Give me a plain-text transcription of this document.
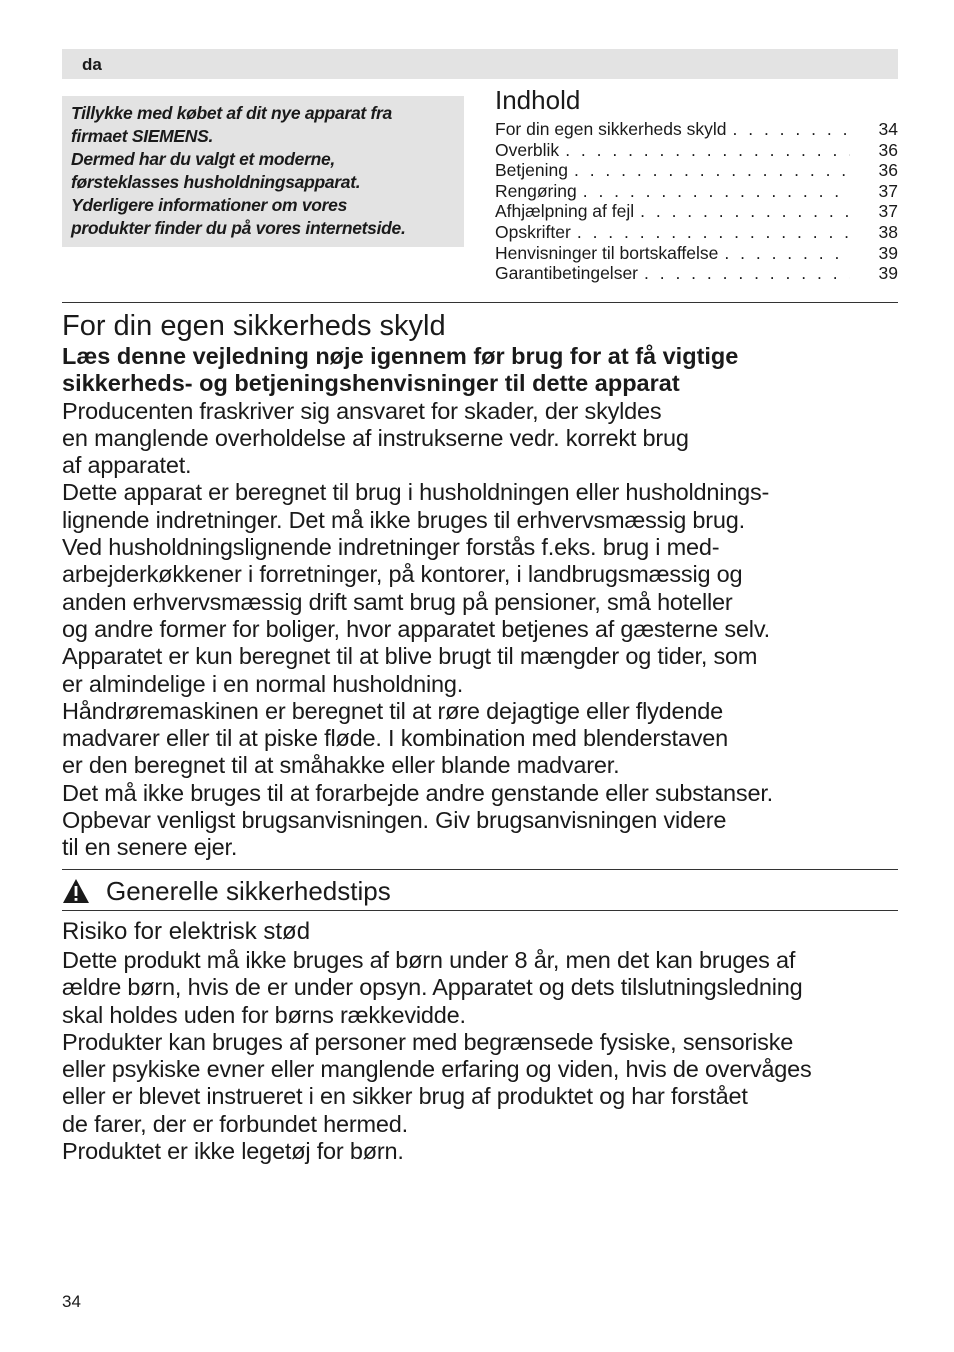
da

Tillykke med købet af dit nye apparat fra

firmaet SIEMENS.

Dermed har du valgt et moderne,

førsteklasses husholdningsapparat.

Yderligere informationer om vores

produkter finder du på vores internetside.

Indhold
For din egen sikkerheds skyld . . .	34
Overblik . . .	36
Betjening . . .	36
Rengøring . . .	37
Afhjælpning af fejl . . .	37
Opskrifter . . .	38
Henvisninger til bortskaffelse . . .	39
Garantibetingelser . . .	39
For din egen sikkerheds skyld

Læs denne vejledning nøje igennem før brug for at få vigtige

sikkerheds- og betjeningshenvisninger til dette apparat

Producenten fraskriver sig ansvaret for skader, der skyldes

en manglende overholdelse af instrukserne vedr. korrekt brug

af apparatet.

Dette apparat er beregnet til brug i husholdningen eller husholdnings-

lignende indretninger. Det må ikke bruges til erhvervsmæssig brug.

Ved husholdningslignende indretninger forstås f.eks. brug i med-

arbejderkøkkener i forretninger, på kontorer, i landbrugsmæssig og

anden erhvervsmæssig drift samt brug på pensioner, små hoteller

og andre former for boliger, hvor apparatet betjenes af gæsterne selv.

Apparatet er kun beregnet til at blive brugt til mængder og tider, som

er almindelige i en normal husholdning.

Håndrøremaskinen er beregnet til at røre dejagtige eller flydende

madvarer eller til at piske fløde. I kombination med blenderstaven

er den beregnet til at småhakke eller blande madvarer.

Det må ikke bruges til at forarbejde andre genstande eller substanser.

Opbevar venligst brugsanvisningen. Giv brugsanvisningen videre

til en senere ejer.

Generelle sikkerhedstips
Risiko for elektrisk stød

Dette produkt må ikke bruges af børn under 8 år, men det kan bruges af

ældre børn, hvis de er under opsyn. Apparatet og dets tilslutningsledning

skal holdes uden for børns rækkevidde.

Produkter kan bruges af personer med begrænsede fysiske, sensoriske

eller psykiske evner eller manglende erfaring og viden, hvis de overvåges

eller er blevet instrueret i en sikker brug af produktet og har forstået

de farer, der er forbundet hermed.

Produktet er ikke legetøj for børn.

34
